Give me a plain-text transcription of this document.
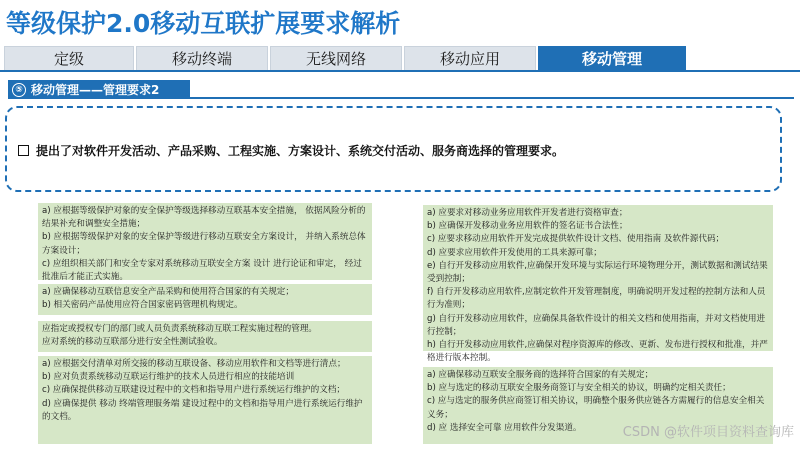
等级保护2.0移动互联扩展要求解析
定级	移动终端	无线网络	移动应用	移动管理
⑤ 移动管理——管理要求2
提出了对软件开发活动、产品采购、工程实施、方案设计、系统交付活动、服务商选择的管理要求。

a) 应根据等级保护对象的安全保护等级选择移动互联基本安全措施， 依据风险分析的结果补充和调整安全措施；

b) 应根据等级保护对象的安全保护等级进行移动互联安全方案设计， 并纳入系统总体方案设计；

c) 应组织相关部门和安全专家对系统移动互联安全方案 设计 进行论证和审定， 经过批准后才能正式实施。

a) 应确保移动互联信息安全产品采购和使用符合国家的有关规定；

b) 相关密码产品使用应符合国家密码管理机构规定。

应指定或授权专门的部门或人员负责系统移动互联工程实施过程的管理。

应对系统的移动互联部分进行安全性测试验收。

a) 应根据交付清单对所交接的移动互联设备、移动应用软件和文档等进行清点；

b) 应对负责系统移动互联运行维护的技术人员进行相应的技能培训

c) 应确保提供移动互联建设过程中的文档和指导用户进行系统运行维护的文档；

d) 应确保提供 移动 终端管理服务端 建设过程中的文档和指导用户进行系统运行维护的文档。

a) 应要求对移动业务应用软件开发者进行资格审查；

b) 应确保开发移动业务应用软件的签名证书合法性；

c) 应要求移动应用软件开发完成提供软件设计文档、使用指南 及软件源代码；

d) 应要求应用软件开发使用的工具来源可靠；

e) 自行开发移动应用软件,应确保开发环境与实际运行环境物理分开，测试数据和测试结果受到控制；

f) 自行开发移动应用软件,应制定软件开发管理制度，明确说明开发过程的控制方法和人员行为准则；

g) 自行开发移动应用软件，应确保具备软件设计的相关文档和使用指南，并对文档使用进行控制；

h) 自行开发移动应用软件,应确保对程序资源库的修改、更新、发布进行授权和批准，并严格进行版本控制。

a) 应确保移动互联安全服务商的选择符合国家的有关规定；

b) 应与选定的移动互联安全服务商签订与安全相关的协议，明确约定相关责任；

c) 应与选定的服务供应商签订相关协议，明确整个服务供应链各方需履行的信息安全相关义务；

d) 应 选择安全可靠 应用软件分发渠道。	CSDN @软件项目资料查询库
